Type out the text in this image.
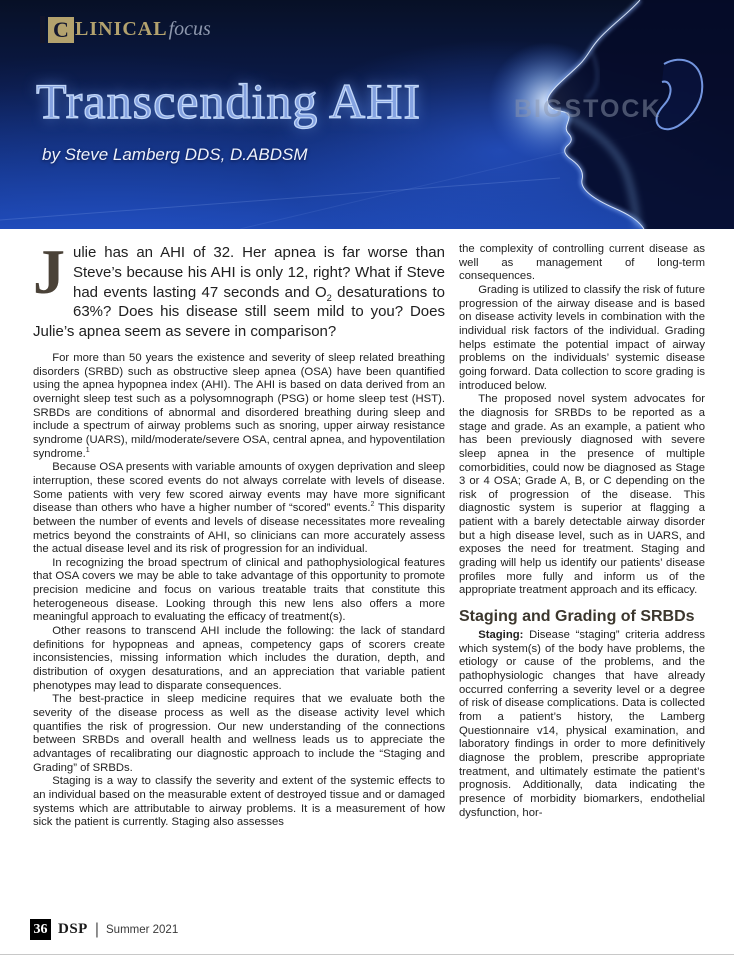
C LINICAL focus
BIGSTOCK
Transcending AHI
by Steve Lamberg DDS, D.ABDSM

Julie has an AHI of 32. Her apnea is far worse than Steve’s because his AHI is only 12, right? What if Steve had events lasting 47 seconds and $O_2$ desaturations to 63%? Does his disease still seem mild to you? Does Julie’s apnea seem as severe in comparison?

For more than 50 years the existence and severity of sleep related breathing disorders (SRBD) such as obstructive sleep apnea (OSA) have been quantified using the apnea hypopnea index (AHI). The AHI is based on data derived from an overnight sleep test such as a polysomnograph (PSG) or home sleep test (HST). SRBDs are conditions of abnormal and disordered breathing during sleep and include a spectrum of airway problems such as snoring, upper airway resistance syndrome (UARS), mild/moderate/severe OSA, central apnea, and hypoventilation syndrome.$^1$

Because OSA presents with variable amounts of oxygen deprivation and sleep interruption, these scored events do not always correlate with levels of disease. Some patients with very few scored airway events may have more significant disease than others who have a higher number of “scored” events.$^2$ This disparity between the number of events and levels of disease necessitates more revealing metrics beyond the constraints of AHI, so clinicians can more accurately assess the actual disease level and its risk of progression for an individual.

In recognizing the broad spectrum of clinical and pathophysiological features that OSA covers we may be able to take advantage of this opportunity to promote precision medicine and focus on various treatable traits that constitute this heterogeneous disease. Looking through this new lens also offers a more meaningful approach to evaluating the efficacy of treatment(s).

Other reasons to transcend AHI include the following: the lack of standard definitions for hypopneas and apneas, competency gaps of scorers create inconsistencies, missing information which includes the duration, depth, and distribution of oxygen desaturations, and an appreciation that variable patient phenotypes may lead to disparate consequences.

The best-practice in sleep medicine requires that we evaluate both the severity of the disease process as well as the disease activity level which quantifies the risk of progression. Our new understanding of the connections between SRBDs and overall health and wellness leads us to appreciate the advantages of recalibrating our diagnostic approach to include the “Staging and Grading” of SRBDs.

Staging is a way to classify the severity and extent of the systemic effects to an individual based on the measurable extent of destroyed tissue and or damaged systems which are attributable to airway problems. It is a measurement of how sick the patient is currently. Staging also assesses

the complexity of controlling current disease as well as management of long-term consequences.

Grading is utilized to classify the risk of future progression of the airway disease and is based on disease activity levels in combination with the individual risk factors of the individual. Grading helps estimate the potential impact of airway problems on the individuals’ systemic disease going forward. Data collection to score grading is introduced below.

The proposed novel system advocates for the diagnosis for SRBDs to be reported as a stage and grade. As an example, a patient who has been previously diagnosed with severe sleep apnea in the presence of multiple comorbidities, could now be diagnosed as Stage 3 or 4 OSA; Grade A, B, or C depending on the risk of progression of the disease. This diagnostic system is superior at flagging a patient with a barely detectable airway disorder but a high disease level, such as in UARS, and exposes the need for treatment. Staging and grading will help us identify our patients’ disease profiles more fully and inform us of the appropriate treatment approach and its efficacy.

Staging and Grading of SRBDs

Staging: Disease “staging” criteria address which system(s) of the body have problems, the etiology or cause of the problems, and the pathophysiologic changes that have already occurred conferring a severity level or a degree of risk of disease complications. Data is collected from a patient’s history, the Lamberg Questionnaire v14, physical examination, and laboratory findings in order to more definitively diagnose the problem, prescribe appropriate treatment, and ultimately estimate the patient’s prognosis. Additionally, data indicating the presence of morbidity biomarkers, endothelial dysfunction, hor-

36 DSP | Summer 2021
